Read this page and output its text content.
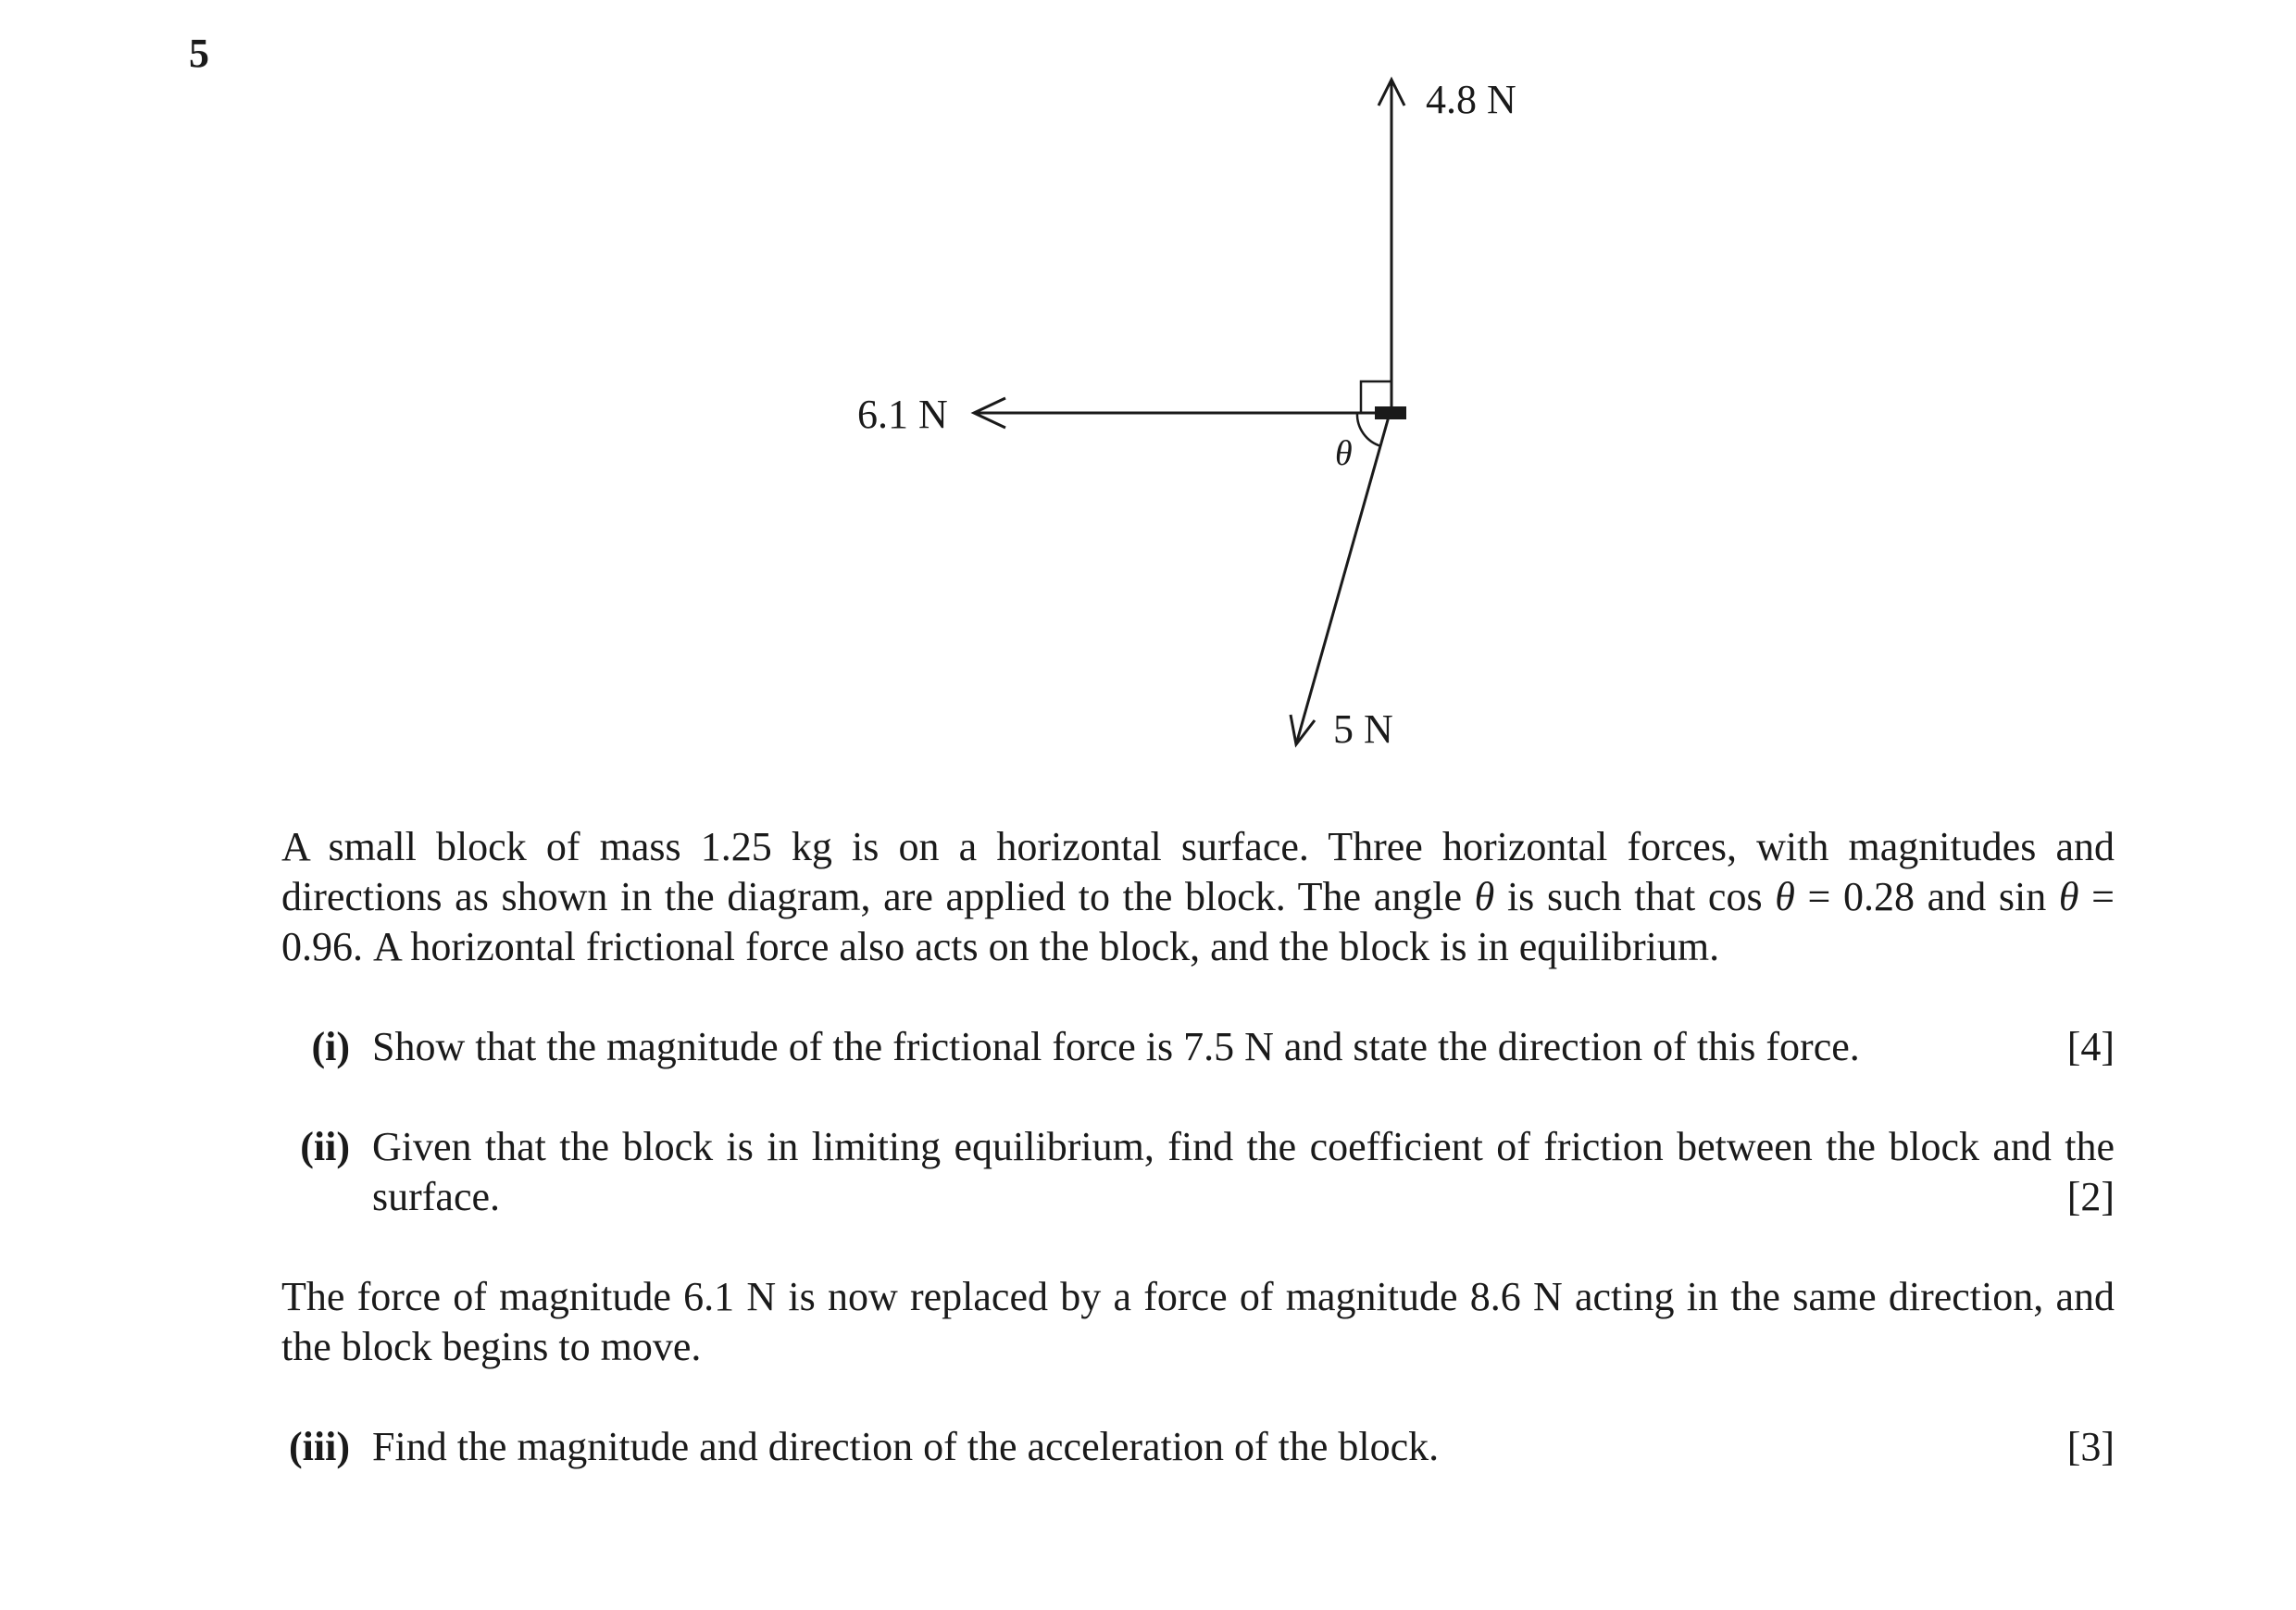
5
4.8 N
6.1 N
5 N
θ

A small block of mass 1.25 kg is on a horizontal surface. Three horizontal forces, with magnitudes and directions as shown in the diagram, are applied to the block. The angle θ is such that cos θ = 0.28 and sin θ = 0.96. A horizontal frictional force also acts on the block, and the block is in equilibrium.

(i) Show that the magnitude of the frictional force is 7.5 N and state the direction of this force.	[4]
(ii) Given that the block is in limiting equilibrium, find the coefficient of friction between the block and the surface.	[2]

The force of magnitude 6.1 N is now replaced by a force of magnitude 8.6 N acting in the same direction, and the block begins to move.

(iii) Find the magnitude and direction of the acceleration of the block.	[3]
